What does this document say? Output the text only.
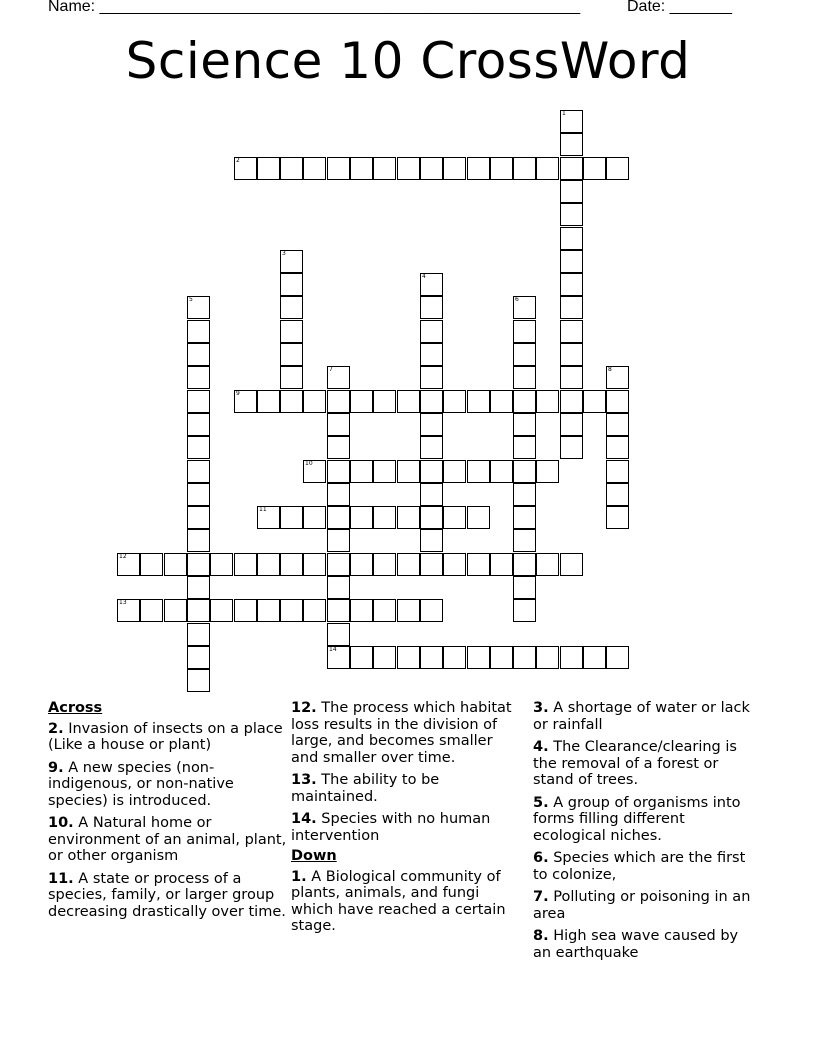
Name: ______________________________________________________	Date: _______
Science 10 CrossWord
1
2
3
4
5	6
7
14
8
9
10
11
12
13
Across
2. Invasion of insects on a place (Like a house or plant)
9. A new species (non-indigenous, or non-native species) is introduced.
10. A Natural home or environment of an animal, plant, or other organism
11. A state or process of a species, family, or larger group decreasing drastically over time.
12. The process which habitat loss results in the division of large, and becomes smaller and smaller over time.
13. The ability to be maintained.
14. Species with no human intervention
Down
1. A Biological community of plants, animals, and fungi which have reached a certain stage.
3. A shortage of water or lack or rainfall
4. The Clearance/clearing is the removal of a forest or stand of trees.
5. A group of organisms into forms filling different ecological niches.
6. Species which are the first to colonize,
7. Polluting or poisoning in an area
8. High sea wave caused by an earthquake
